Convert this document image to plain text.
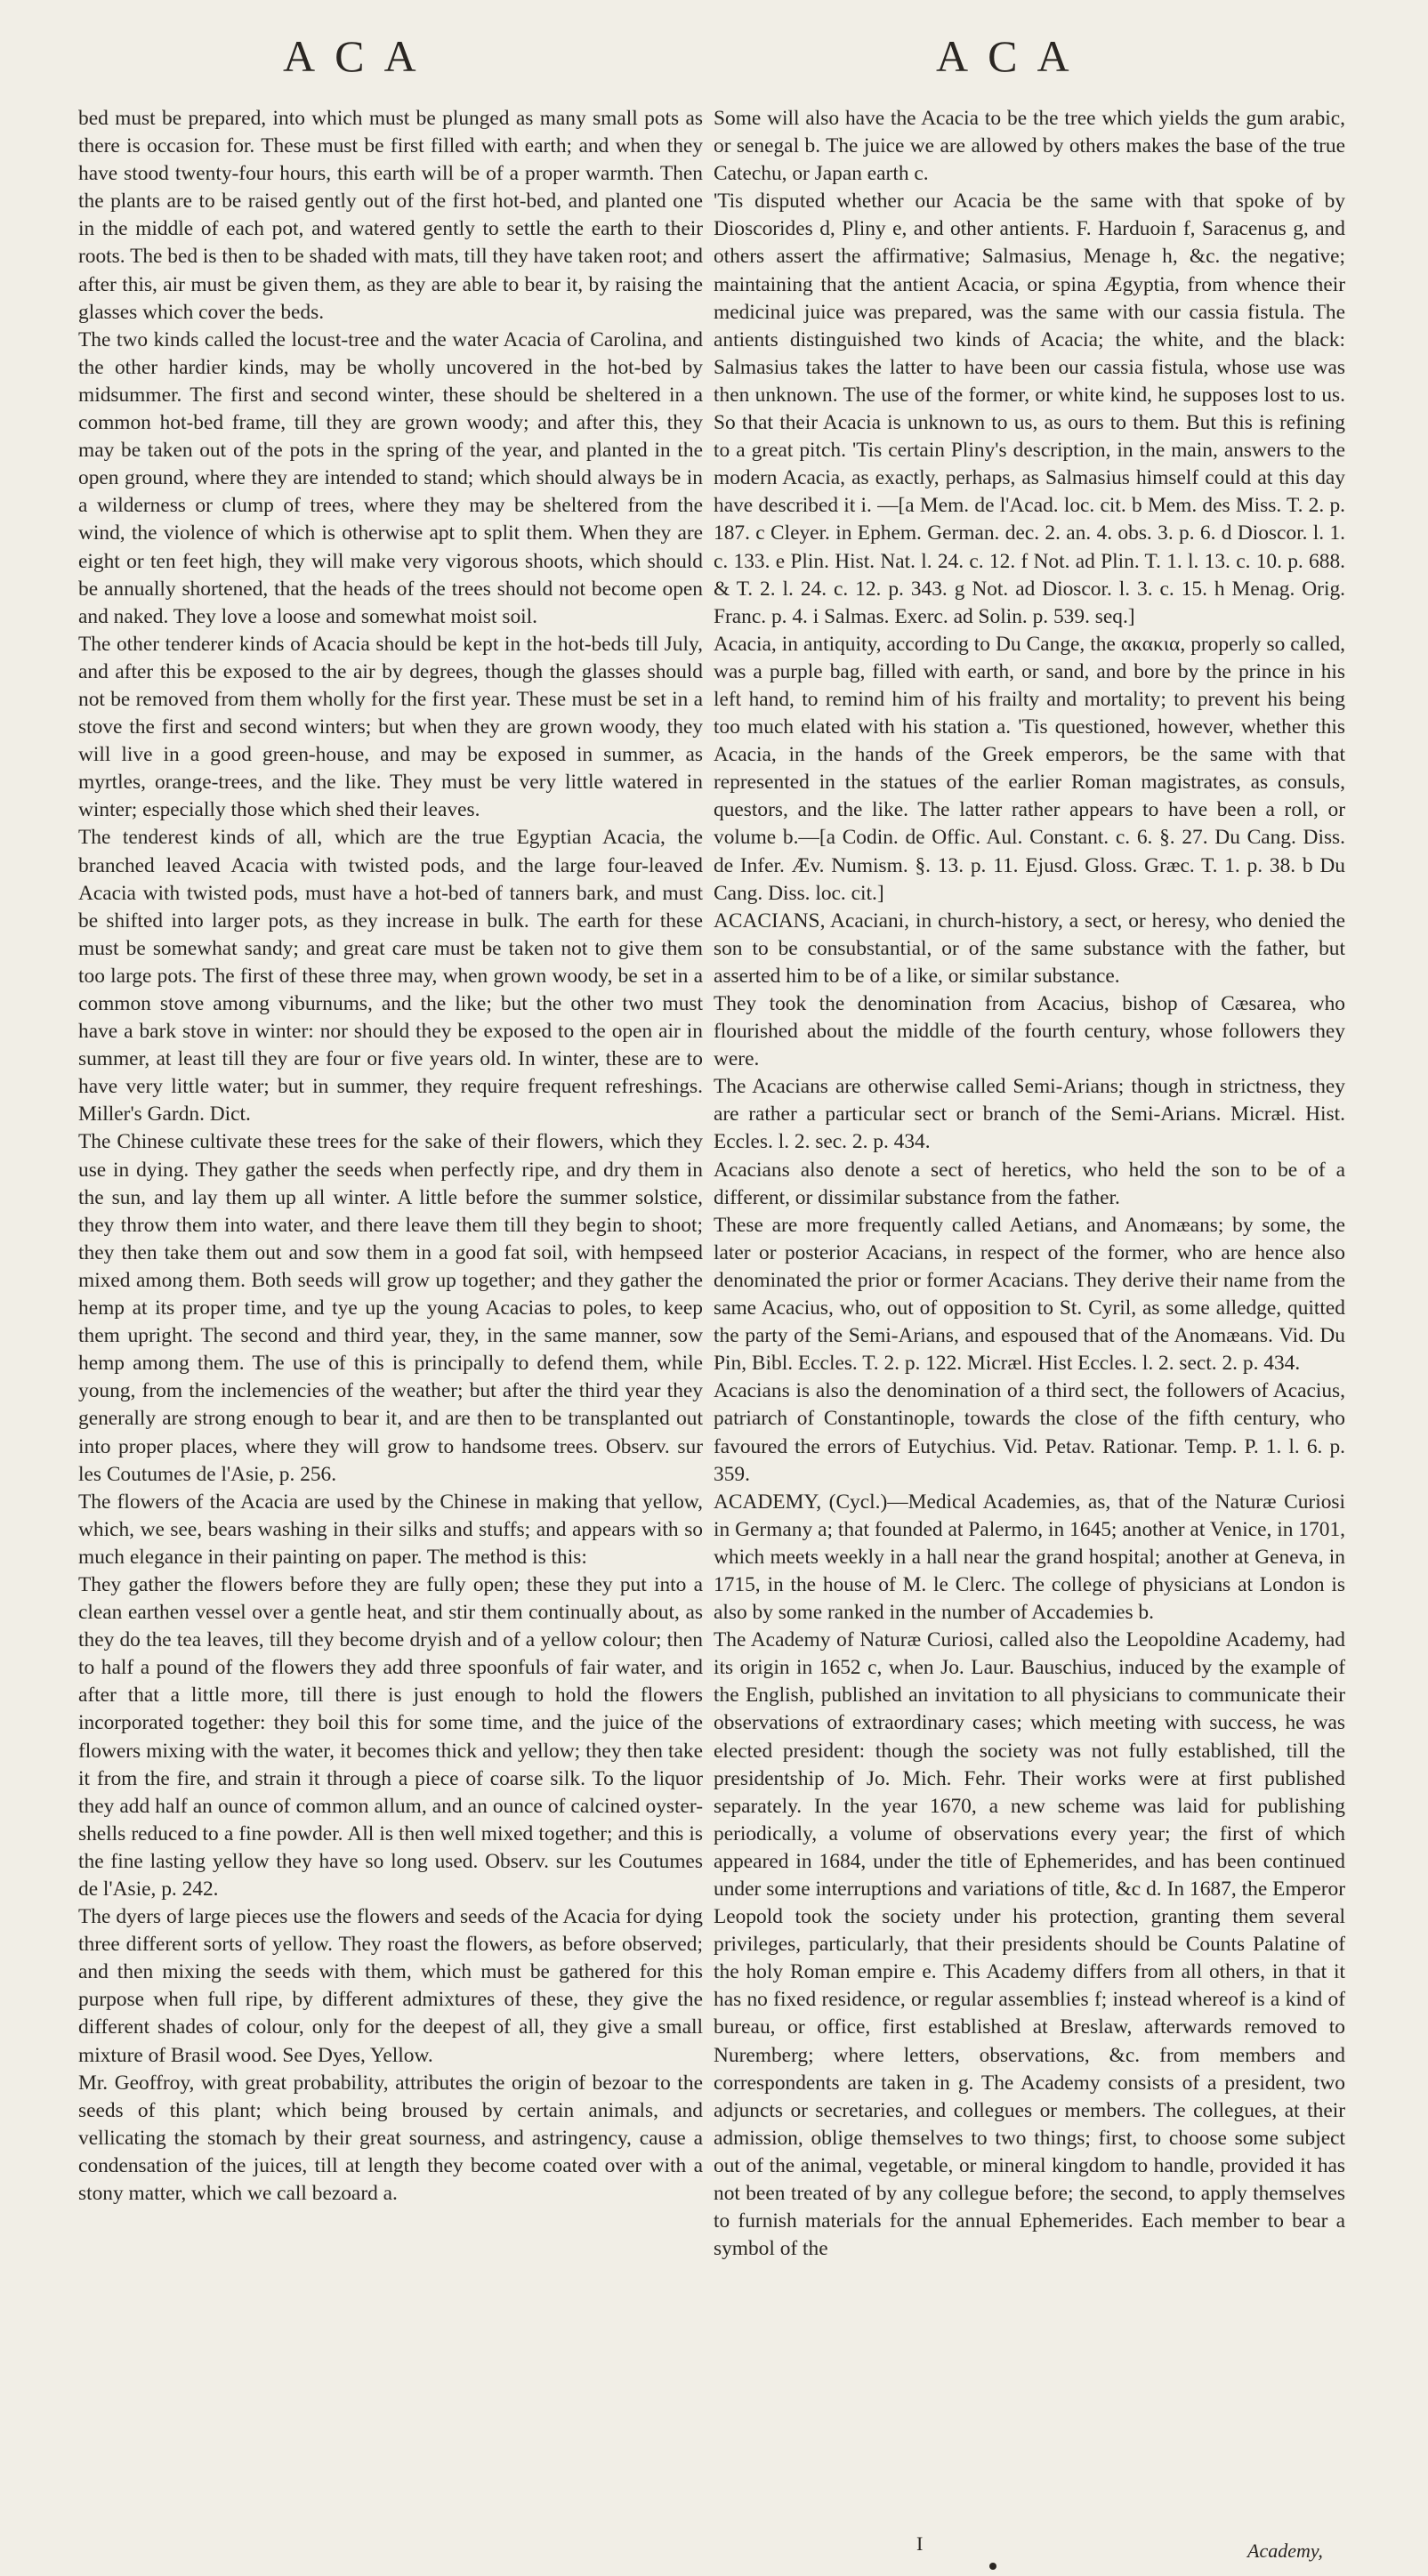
ACA	ACA

bed must be prepared, into which must be plunged as many small pots as there is occasion for. These must be first filled with earth; and when they have stood twenty-four hours, this earth will be of a proper warmth. Then the plants are to be raised gently out of the first hot-bed, and planted one in the middle of each pot, and watered gently to settle the earth to their roots. The bed is then to be shaded with mats, till they have taken root; and after this, air must be given them, as they are able to bear it, by raising the glasses which cover the beds.

The two kinds called the locust-tree and the water Acacia of Carolina, and the other hardier kinds, may be wholly uncovered in the hot-bed by midsummer. The first and second winter, these should be sheltered in a common hot-bed frame, till they are grown woody; and after this, they may be taken out of the pots in the spring of the year, and planted in the open ground, where they are intended to stand; which should always be in a wilderness or clump of trees, where they may be sheltered from the wind, the violence of which is otherwise apt to split them. When they are eight or ten feet high, they will make very vigorous shoots, which should be annually shortened, that the heads of the trees should not become open and naked. They love a loose and somewhat moist soil.

The other tenderer kinds of Acacia should be kept in the hot-beds till July, and after this be exposed to the air by degrees, though the glasses should not be removed from them wholly for the first year. These must be set in a stove the first and second winters; but when they are grown woody, they will live in a good green-house, and may be exposed in summer, as myrtles, orange-trees, and the like. They must be very little watered in winter; especially those which shed their leaves.

The tenderest kinds of all, which are the true Egyptian Acacia, the branched leaved Acacia with twisted pods, and the large four-leaved Acacia with twisted pods, must have a hot-bed of tanners bark, and must be shifted into larger pots, as they increase in bulk. The earth for these must be somewhat sandy; and great care must be taken not to give them too large pots. The first of these three may, when grown woody, be set in a common stove among viburnums, and the like; but the other two must have a bark stove in winter: nor should they be exposed to the open air in summer, at least till they are four or five years old. In winter, these are to have very little water; but in summer, they require frequent refreshings. Miller's Gardn. Dict.

The Chinese cultivate these trees for the sake of their flowers, which they use in dying. They gather the seeds when perfectly ripe, and dry them in the sun, and lay them up all winter. A little before the summer solstice, they throw them into water, and there leave them till they begin to shoot; they then take them out and sow them in a good fat soil, with hempseed mixed among them. Both seeds will grow up together; and they gather the hemp at its proper time, and tye up the young Acacias to poles, to keep them upright. The second and third year, they, in the same manner, sow hemp among them. The use of this is principally to defend them, while young, from the inclemencies of the weather; but after the third year they generally are strong enough to bear it, and are then to be transplanted out into proper places, where they will grow to handsome trees. Observ. sur les Coutumes de l'Asie, p. 256.

The flowers of the Acacia are used by the Chinese in making that yellow, which, we see, bears washing in their silks and stuffs; and appears with so much elegance in their painting on paper. The method is this:

They gather the flowers before they are fully open; these they put into a clean earthen vessel over a gentle heat, and stir them continually about, as they do the tea leaves, till they become dryish and of a yellow colour; then to half a pound of the flowers they add three spoonfuls of fair water, and after that a little more, till there is just enough to hold the flowers incorporated together: they boil this for some time, and the juice of the flowers mixing with the water, it becomes thick and yellow; they then take it from the fire, and strain it through a piece of coarse silk. To the liquor they add half an ounce of common allum, and an ounce of calcined oyster-shells reduced to a fine powder. All is then well mixed together; and this is the fine lasting yellow they have so long used. Observ. sur les Coutumes de l'Asie, p. 242.

The dyers of large pieces use the flowers and seeds of the Acacia for dying three different sorts of yellow. They roast the flowers, as before observed; and then mixing the seeds with them, which must be gathered for this purpose when full ripe, by different admixtures of these, they give the different shades of colour, only for the deepest of all, they give a small mixture of Brasil wood. See Dyes, Yellow.

Mr. Geoffroy, with great probability, attributes the origin of bezoar to the seeds of this plant; which being broused by certain animals, and vellicating the stomach by their great sourness, and astringency, cause a condensation of the juices, till at length they become coated over with a stony matter, which we call bezoard a.

Some will also have the Acacia to be the tree which yields the gum arabic, or senegal b. The juice we are allowed by others makes the base of the true Catechu, or Japan earth c.

'Tis disputed whether our Acacia be the same with that spoke of by Dioscorides d, Pliny e, and other antients. F. Harduoin f, Saracenus g, and others assert the affirmative; Salmasius, Menage h, &c. the negative; maintaining that the antient Acacia, or spina Ægyptia, from whence their medicinal juice was prepared, was the same with our cassia fistula. The antients distinguished two kinds of Acacia; the white, and the black: Salmasius takes the latter to have been our cassia fistula, whose use was then unknown. The use of the former, or white kind, he supposes lost to us. So that their Acacia is unknown to us, as ours to them. But this is refining to a great pitch. 'Tis certain Pliny's description, in the main, answers to the modern Acacia, as exactly, perhaps, as Salmasius himself could at this day have described it i. —[a Mem. de l'Acad. loc. cit. b Mem. des Miss. T. 2. p. 187. c Cleyer. in Ephem. German. dec. 2. an. 4. obs. 3. p. 6. d Dioscor. l. 1. c. 133. e Plin. Hist. Nat. l. 24. c. 12. f Not. ad Plin. T. 1. l. 13. c. 10. p. 688. & T. 2. l. 24. c. 12. p. 343. g Not. ad Dioscor. l. 3. c. 15. h Menag. Orig. Franc. p. 4. i Salmas. Exerc. ad Solin. p. 539. seq.]

Acacia, in antiquity, according to Du Cange, the ακακια, properly so called, was a purple bag, filled with earth, or sand, and bore by the prince in his left hand, to remind him of his frailty and mortality; to prevent his being too much elated with his station a. 'Tis questioned, however, whether this Acacia, in the hands of the Greek emperors, be the same with that represented in the statues of the earlier Roman magistrates, as consuls, questors, and the like. The latter rather appears to have been a roll, or volume b.—[a Codin. de Offic. Aul. Constant. c. 6. §. 27. Du Cang. Diss. de Infer. Æv. Numism. §. 13. p. 11. Ejusd. Gloss. Græc. T. 1. p. 38. b Du Cang. Diss. loc. cit.]

ACACIANS, Acaciani, in church-history, a sect, or heresy, who denied the son to be consubstantial, or of the same substance with the father, but asserted him to be of a like, or similar substance.

They took the denomination from Acacius, bishop of Cæsarea, who flourished about the middle of the fourth century, whose followers they were.

The Acacians are otherwise called Semi-Arians; though in strictness, they are rather a particular sect or branch of the Semi-Arians. Micræl. Hist. Eccles. l. 2. sec. 2. p. 434.

Acacians also denote a sect of heretics, who held the son to be of a different, or dissimilar substance from the father.

These are more frequently called Aetians, and Anomæans; by some, the later or posterior Acacians, in respect of the former, who are hence also denominated the prior or former Acacians. They derive their name from the same Acacius, who, out of opposition to St. Cyril, as some alledge, quitted the party of the Semi-Arians, and espoused that of the Anomæans. Vid. Du Pin, Bibl. Eccles. T. 2. p. 122. Micræl. Hist Eccles. l. 2. sect. 2. p. 434.

Acacians is also the denomination of a third sect, the followers of Acacius, patriarch of Constantinople, towards the close of the fifth century, who favoured the errors of Eutychius. Vid. Petav. Rationar. Temp. P. 1. l. 6. p. 359.

ACADEMY, (Cycl.)—Medical Academies, as, that of the Naturæ Curiosi in Germany a; that founded at Palermo, in 1645; another at Venice, in 1701, which meets weekly in a hall near the grand hospital; another at Geneva, in 1715, in the house of M. le Clerc. The college of physicians at London is also by some ranked in the number of Accademies b.

The Academy of Naturæ Curiosi, called also the Leopoldine Academy, had its origin in 1652 c, when Jo. Laur. Bauschius, induced by the example of the English, published an invitation to all physicians to communicate their observations of extraordinary cases; which meeting with success, he was elected president: though the society was not fully established, till the presidentship of Jo. Mich. Fehr. Their works were at first published separately. In the year 1670, a new scheme was laid for publishing periodically, a volume of observations every year; the first of which appeared in 1684, under the title of Ephemerides, and has been continued under some interruptions and variations of title, &c d. In 1687, the Emperor Leopold took the society under his protection, granting them several privileges, particularly, that their presidents should be Counts Palatine of the holy Roman empire e. This Academy differs from all others, in that it has no fixed residence, or regular assemblies f; instead whereof is a kind of bureau, or office, first established at Breslaw, afterwards removed to Nuremberg; where letters, observations, &c. from members and correspondents are taken in g. The Academy consists of a president, two adjuncts or secretaries, and collegues or members. The collegues, at their admission, oblige themselves to two things; first, to choose some subject out of the animal, vegetable, or mineral kingdom to handle, provided it has not been treated of by any collegue before; the second, to apply themselves to furnish materials for the annual Ephemerides. Each member to bear a symbol of the

I	Academy,
